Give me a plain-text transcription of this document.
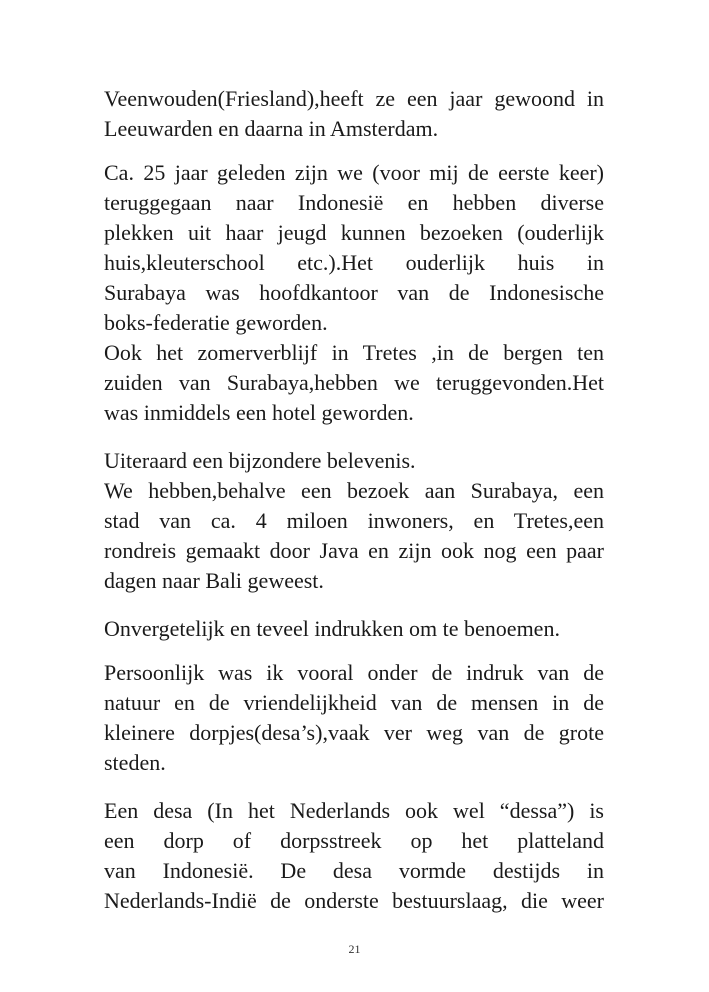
Veenwouden(Friesland),heeft ze een jaar gewoond in
Leeuwarden en daarna in Amsterdam.
Ca. 25 jaar geleden zijn we (voor mij de eerste keer)
teruggegaan naar Indonesië en hebben diverse
plekken uit haar jeugd kunnen bezoeken (ouderlijk
huis,kleuterschool etc.).Het ouderlijk huis in
Surabaya was hoofdkantoor van de Indonesische
boks-federatie geworden.
Ook het zomerverblijf in Tretes ,in de bergen ten
zuiden van Surabaya,hebben we teruggevonden.Het
was inmiddels een hotel geworden.
Uiteraard een bijzondere belevenis.
We hebben,behalve een bezoek aan Surabaya, een
stad van ca. 4 miloen inwoners, en Tretes,een
rondreis gemaakt door Java en zijn ook nog een paar
dagen naar Bali geweest.
Onvergetelijk en teveel indrukken om te benoemen.
Persoonlijk was ik vooral onder de indruk van de
natuur en de vriendelijkheid van de mensen in de
kleinere dorpjes(desa’s),vaak ver weg van de grote
steden.
Een desa (In het Nederlands ook wel “dessa”) is
een dorp of dorpsstreek op het platteland
van Indonesië. De desa vormde destijds in
Nederlands-Indië de onderste bestuurslaag, die weer
21
